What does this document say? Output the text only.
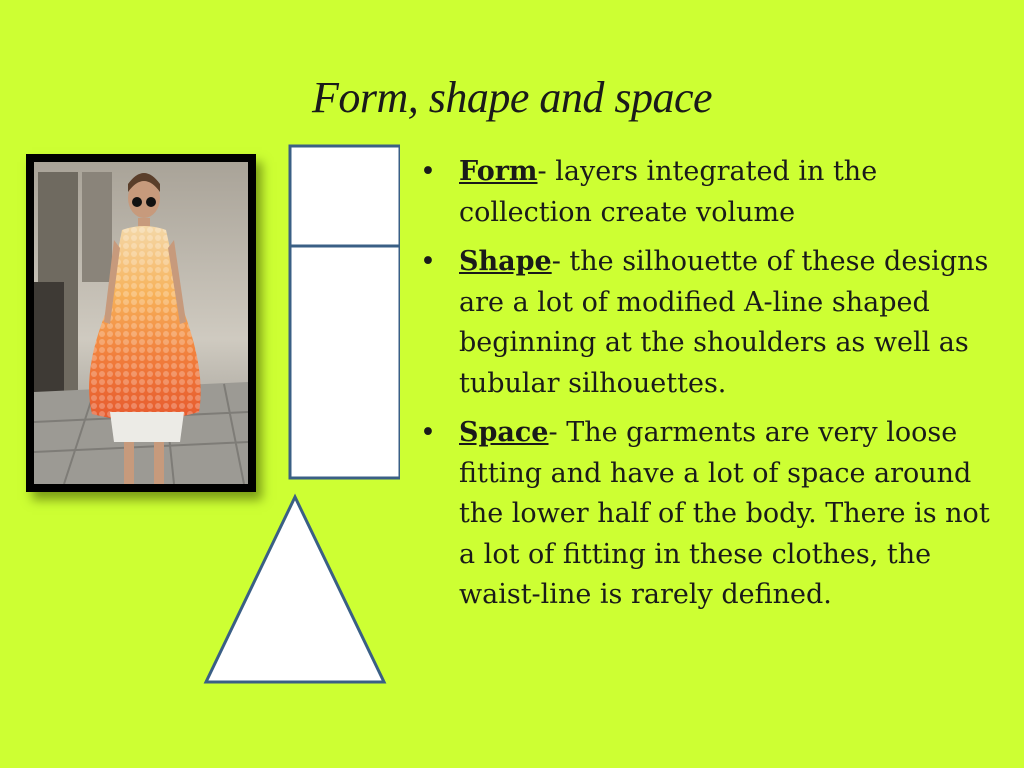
Form, shape and space
• Form- layers integrated in the collection create volume
• Shape- the silhouette of these designs are a lot of modified A-line shaped beginning at the shoulders as well as tubular silhouettes.
• Space- The garments are very loose fitting and have a lot of space around the lower half of the body. There is not a lot of fitting in these clothes, the waist-line is rarely defined.
